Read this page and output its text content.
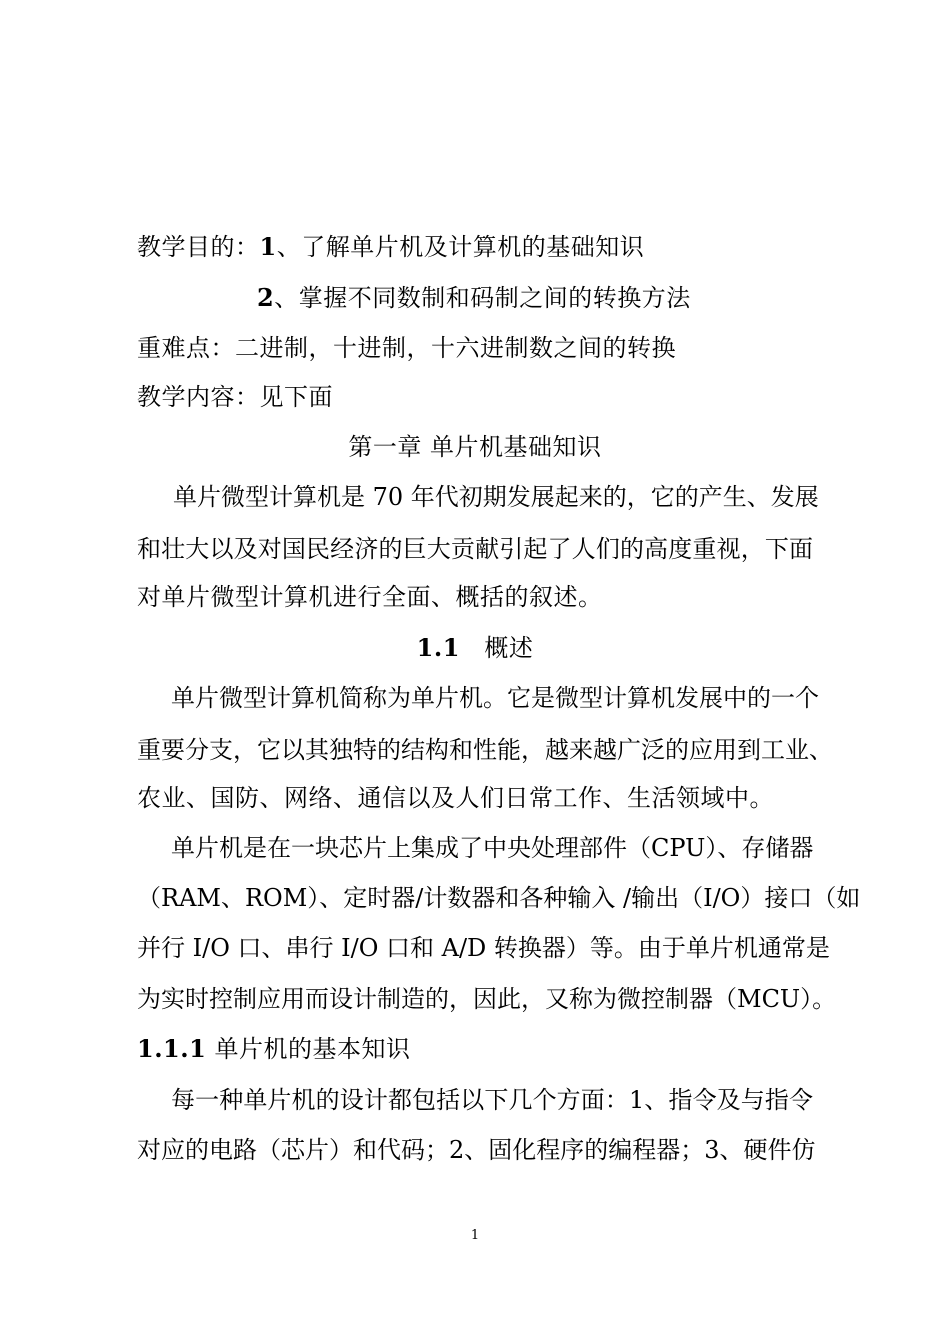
教学目的：1、了解单片机及计算机的基础知识
2、掌握不同数制和码制之间的转换方法
重难点：二进制，十进制，十六进制数之间的转换
教学内容：见下面
第一章 单片机基础知识
单片微型计算机是 70 年代初期发展起来的，它的产生、发展
和壮大以及对国民经济的巨大贡献引起了人们的高度重视，下面
对单片微型计算机进行全面、概括的叙述。
1.1 概述
单片微型计算机简称为单片机。它是微型计算机发展中的一个
重要分支，它以其独特的结构和性能，越来越广泛的应用到工业、
农业、国防、网络、通信以及人们日常工作、生活领域中。
单片机是在一块芯片上集成了中央处理部件（CPU）、存储器
（RAM、ROM）、定时器/计数器和各种输入 /输出（I/O）接口（如
并行 I/O 口、串行 I/O 口和 A/D 转换器）等。由于单片机通常是
为实时控制应用而设计制造的，因此，又称为微控制器（MCU）。
1.1.1 单片机的基本知识
每一种单片机的设计都包括以下几个方面：1、指令及与指令
对应的电路（芯片）和代码；2、固化程序的编程器；3、硬件仿
1
